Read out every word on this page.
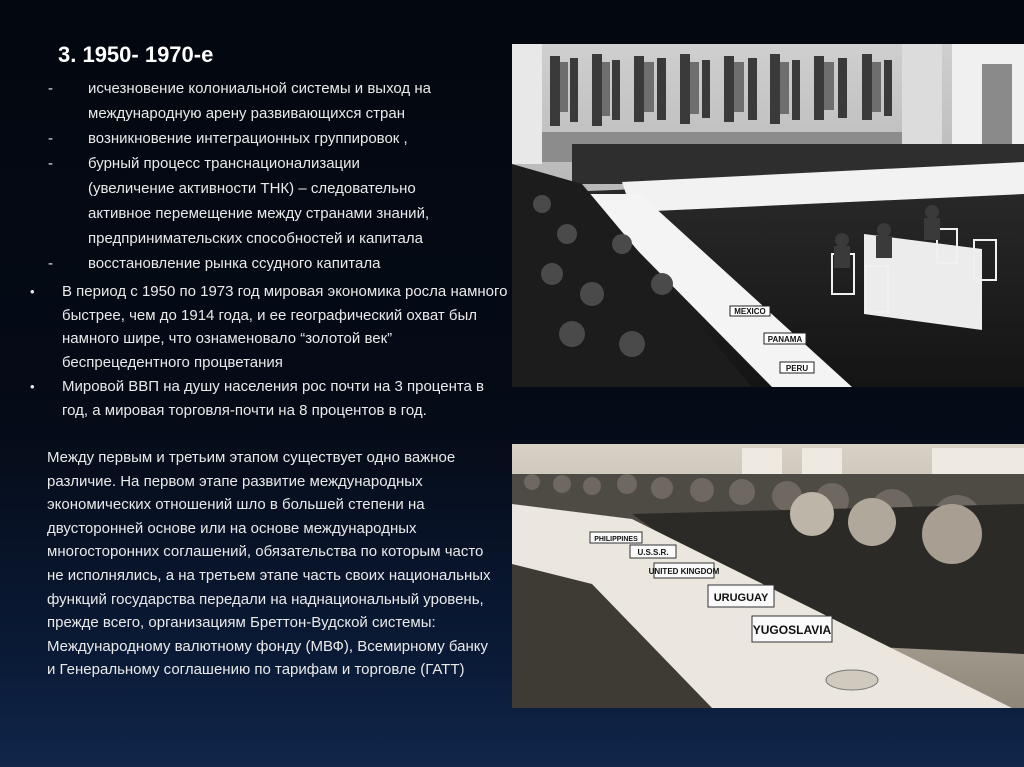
3. 1950- 1970-е
- исчезновение колониальной системы и выход на
международную арену развивающихся стран
- возникновение интеграционных группировок ,
- бурный процесс транснационализации
(увеличение активности ТНК) – следовательно
активное перемещение между странами знаний,
предпринимательских способностей и капитала
- восстановление рынка ссудного капитала
• В период с 1950 по 1973 год мировая экономика росла намного быстрее, чем до 1914 года, и ее географический охват был намного шире, что ознаменовало “золотой век” беспрецедентного процветания
• Мировой ВВП на душу населения рос почти на 3 процента в год, а мировая торговля-почти на 8 процентов в год.
Между первым и третьим этапом существует одно важное различие. На первом этапе развитие международных экономических отношений шло в большей степени на двусторонней основе или на основе международных многосторонних соглашений, обязательства по которым часто не исполнялись, а на третьем этапе часть своих национальных функций государства передали на наднациональный уровень, прежде всего, организациям Бреттон-Вудской системы: Международному валютному фонду (МВФ), Всемирному банку и Генеральному соглашению по тарифам и торговле (ГАТТ)
PANAMA
PERU
MEXICO
PHILIPPINES
U.S.S.R.
UNITED KINGDOM
URUGUAY
YUGOSLAVIA
